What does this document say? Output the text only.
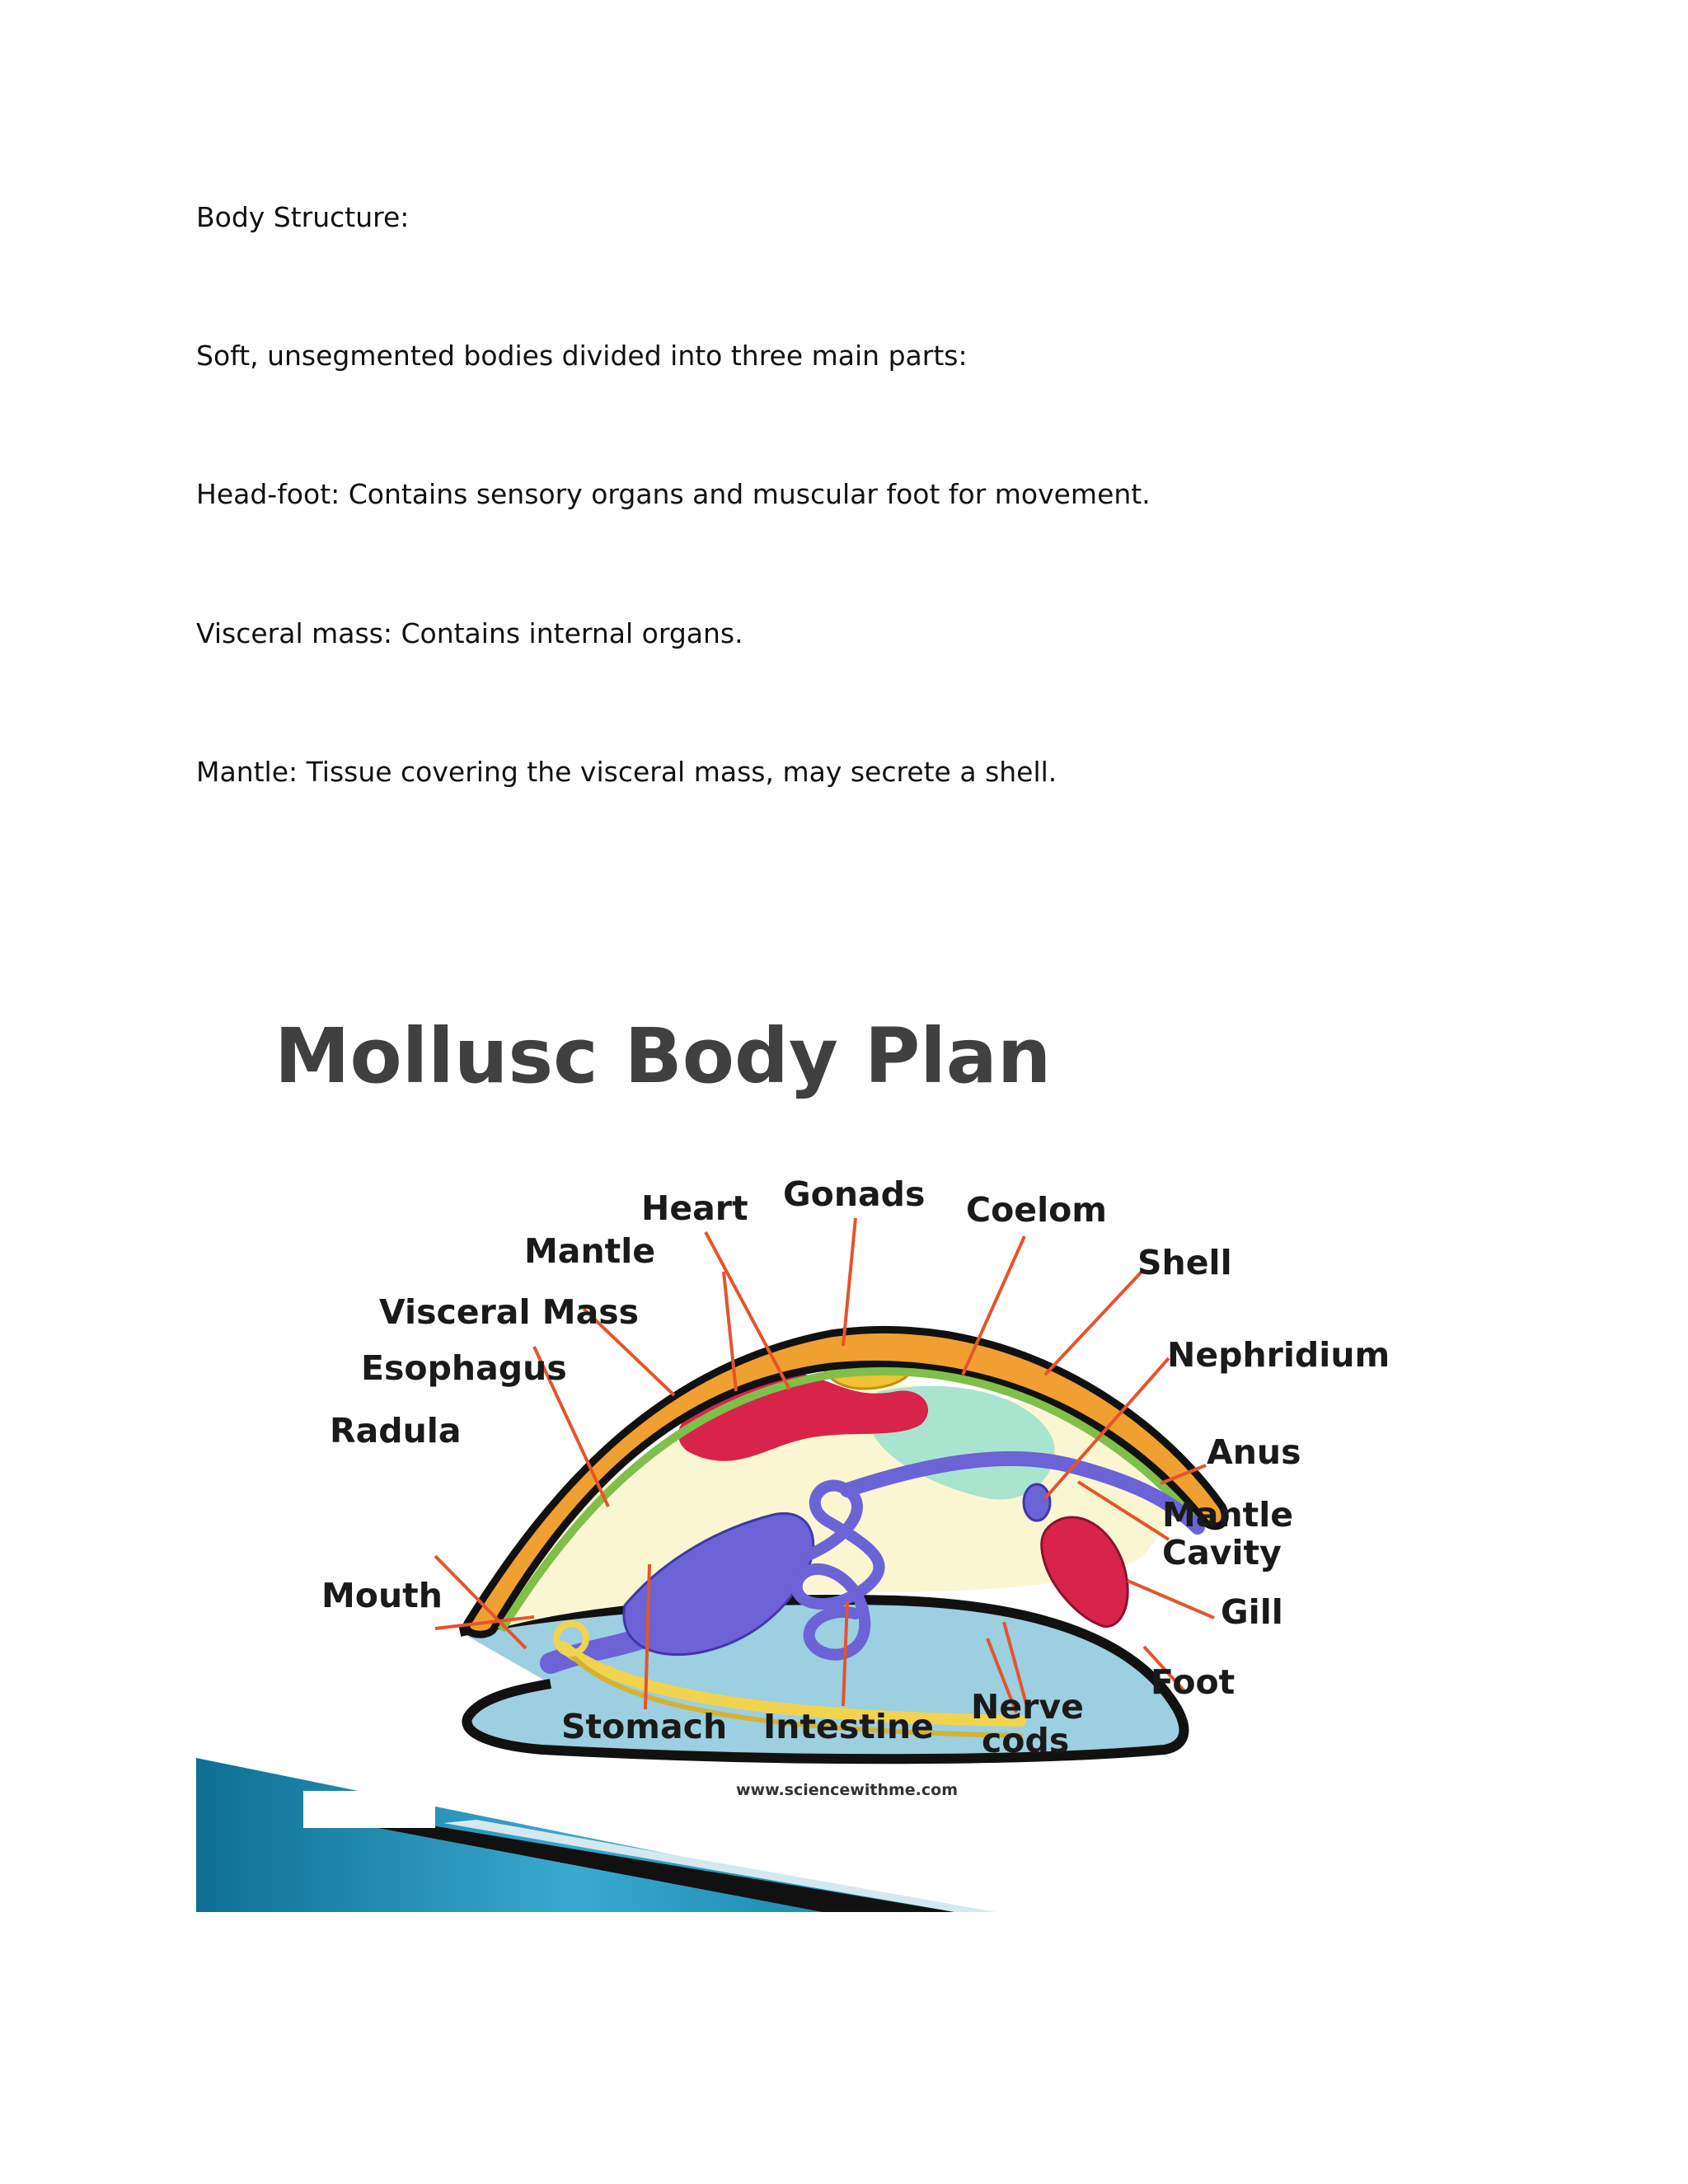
Body Structure:

Soft, unsegmented bodies divided into three main parts:

Head-foot: Contains sensory organs and muscular foot for movement.

Visceral mass: Contains internal organs.

Mantle: Tissue covering the visceral mass, may secrete a shell.

Mollusc Body Plan
Heart Gonads Coelom
Mantle	Shell
Visceral Mass
Esophagus	Nephridium
Radula
Anus
Mantle
Cavity
Mouth	Gill
Foot
Stomach Intestine Nerve
cods
www.sciencewithme.com
